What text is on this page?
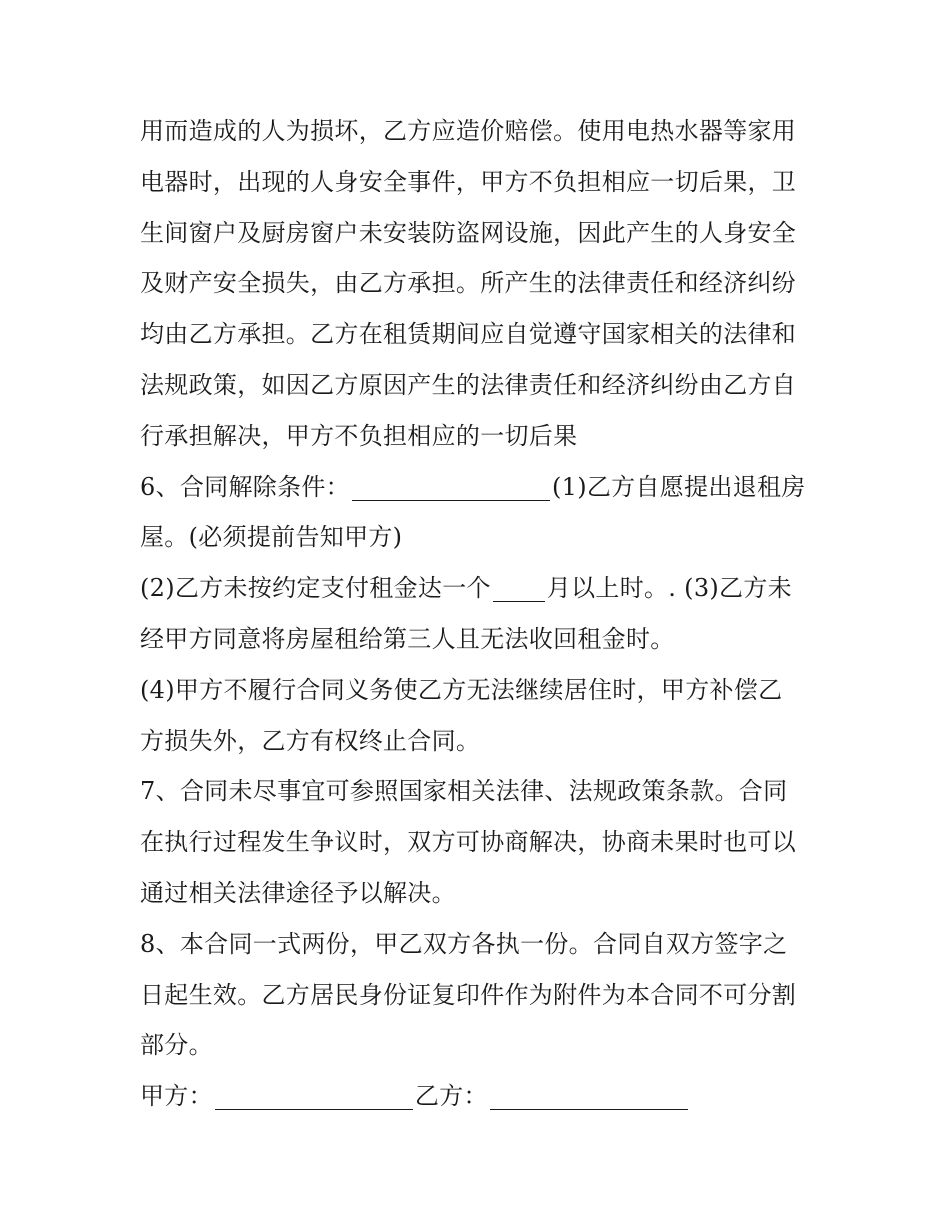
用而造成的人为损坏，乙方应造价赔偿。使用电热水器等家用
电器时，出现的人身安全事件，甲方不负担相应一切后果，卫
生间窗户及厨房窗户未安装防盗网设施，因此产生的人身安全
及财产安全损失，由乙方承担。所产生的法律责任和经济纠纷
均由乙方承担。乙方在租赁期间应自觉遵守国家相关的法律和
法规政策，如因乙方原因产生的法律责任和经济纠纷由乙方自
行承担解决，甲方不负担相应的一切后果
6、合同解除条件：	(1)乙方自愿提出退租房
屋。(必须提前告知甲方)
(2)乙方未按约定支付租金达一个 月以上时。. (3)乙方未
经甲方同意将房屋租给第三人且无法收回租金时。
(4)甲方不履行合同义务使乙方无法继续居住时，甲方补偿乙
方损失外，乙方有权终止合同。
7、合同未尽事宜可参照国家相关法律、法规政策条款。合同
在执行过程发生争议时，双方可协商解决，协商未果时也可以
通过相关法律途径予以解决。
8、本合同一式两份，甲乙双方各执一份。合同自双方签字之
日起生效。乙方居民身份证复印件作为附件为本合同不可分割
部分。
甲方：	乙方：
